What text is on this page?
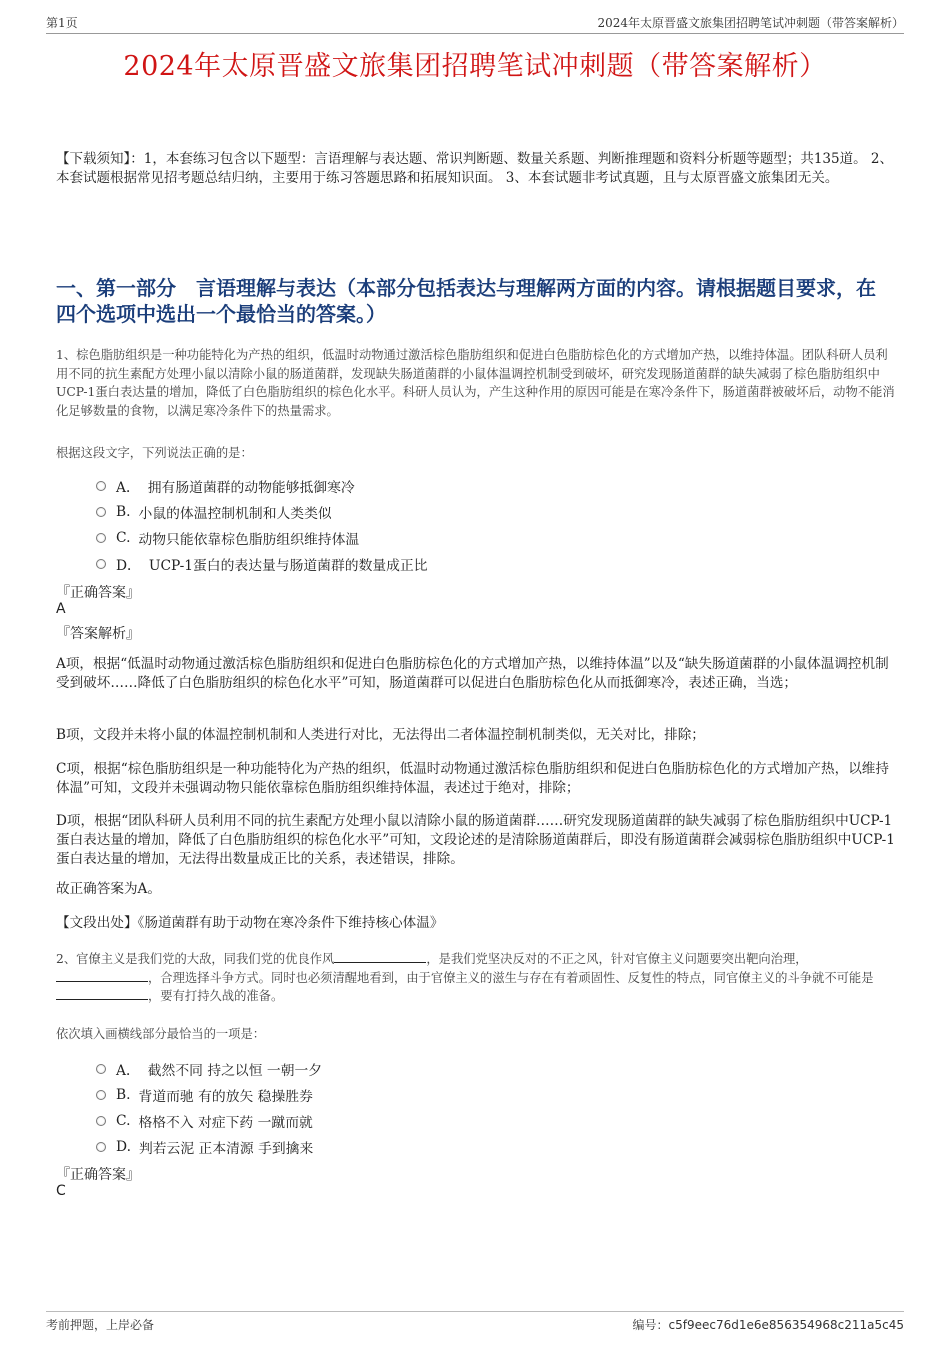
第1页	2024年太原晋盛文旅集团招聘笔试冲刺题（带答案解析）
2024年太原晋盛文旅集团招聘笔试冲刺题（带答案解析）

【下载须知】：1，本套练习包含以下题型：言语理解与表达题、常识判断题、数量关系题、判断推理题和资料分析题等题型；共135道。 2、本套试题根据常见招考题总结归纳，主要用于练习答题思路和拓展知识面。 3、本套试题非考试真题，且与太原晋盛文旅集团无关。

一、第一部分　言语理解与表达（本部分包括表达与理解两方面的内容。请根据题目要求，在四个选项中选出一个最恰当的答案。）

1、棕色脂肪组织是一种功能特化为产热的组织，低温时动物通过激活棕色脂肪组织和促进白色脂肪棕色化的方式增加产热，以维持体温。团队科研人员利用不同的抗生素配方处理小鼠以清除小鼠的肠道菌群，发现缺失肠道菌群的小鼠体温调控机制受到破坏，研究发现肠道菌群的缺失减弱了棕色脂肪组织中UCP-1蛋白表达量的增加，降低了白色脂肪组织的棕色化水平。科研人员认为，产生这种作用的原因可能是在寒冷条件下，肠道菌群被破坏后，动物不能消化足够数量的食物，以满足寒冷条件下的热量需求。

根据这段文字，下列说法正确的是：

A． 拥有肠道菌群的动物能够抵御寒冷
B. 小鼠的体温控制机制和人类类似
C. 动物只能依靠棕色脂肪组织维持体温
D． UCP-1蛋白的表达量与肠道菌群的数量成正比

『正确答案』

A

『答案解析』

A项，根据“低温时动物通过激活棕色脂肪组织和促进白色脂肪棕色化的方式增加产热，以维持体温”以及“缺失肠道菌群的小鼠体温调控机制受到破坏……降低了白色脂肪组织的棕色化水平”可知，肠道菌群可以促进白色脂肪棕色化从而抵御寒冷，表述正确，当选；

B项，文段并未将小鼠的体温控制机制和人类进行对比，无法得出二者体温控制机制类似，无关对比，排除；

C项，根据“棕色脂肪组织是一种功能特化为产热的组织，低温时动物通过激活棕色脂肪组织和促进白色脂肪棕色化的方式增加产热，以维持体温”可知，文段并未强调动物只能依靠棕色脂肪组织维持体温，表述过于绝对，排除；

D项，根据“团队科研人员利用不同的抗生素配方处理小鼠以清除小鼠的肠道菌群……研究发现肠道菌群的缺失减弱了棕色脂肪组织中UCP-1蛋白表达量的增加，降低了白色脂肪组织的棕色化水平”可知，文段论述的是清除肠道菌群后，即没有肠道菌群会减弱棕色脂肪组织中UCP-1蛋白表达量的增加，无法得出数量成正比的关系，表述错误，排除。

故正确答案为A。

【文段出处】《肠道菌群有助于动物在寒冷条件下维持核心体温》

2、官僚主义是我们党的大敌，同我们党的优良作风	，是我们党坚决反对的不正之风，针对官僚主义问题要突出靶向治理，，合理选择斗争方式。同时也必须清醒地看到，由于官僚主义的滋生与存在有着顽固性、反复性的特点，同官僚主义的斗争就不可能是，要有打持久战的准备。

依次填入画横线部分最恰当的一项是：

A． 截然不同 持之以恒 一朝一夕
B. 背道而驰 有的放矢 稳操胜券
C. 格格不入 对症下药 一蹴而就
D. 判若云泥 正本清源 手到擒来

『正确答案』

C

考前押题，上岸必备	编号：c5f9eec76d1e6e856354968c211a5c45
